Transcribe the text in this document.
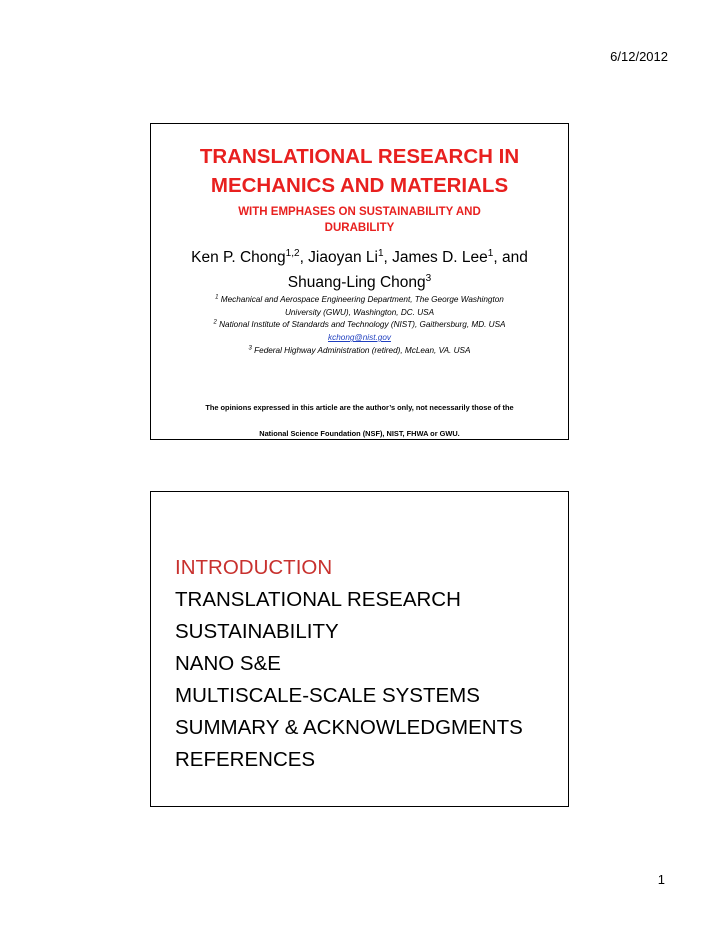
6/12/2012
TRANSLATIONAL RESEARCH IN
MECHANICS AND MATERIALS
WITH EMPHASES ON SUSTAINABILITY AND
DURABILITY
Ken P. Chong$^{1,2}$, Jiaoyan Li$^1$, James D. Lee$^1$, and
Shuang-Ling Chong$^3$
$^1$ Mechanical and Aerospace Engineering Department, The George Washington
University (GWU), Washington, DC. USA
$^2$ National Institute of Standards and Technology (NIST), Gaithersburg, MD. USA
kchong@nist.gov
$^3$ Federal Highway Administration (retired), McLean, VA. USA
The opinions expressed in this article are the author’s only, not necessarily those of the
National Science Foundation (NSF), NIST, FHWA or GWU.
INTRODUCTION
TRANSLATIONAL RESEARCH
SUSTAINABILITY
NANO S&E
MULTISCALE-SCALE SYSTEMS
SUMMARY & ACKNOWLEDGMENTS
REFERENCES
1
